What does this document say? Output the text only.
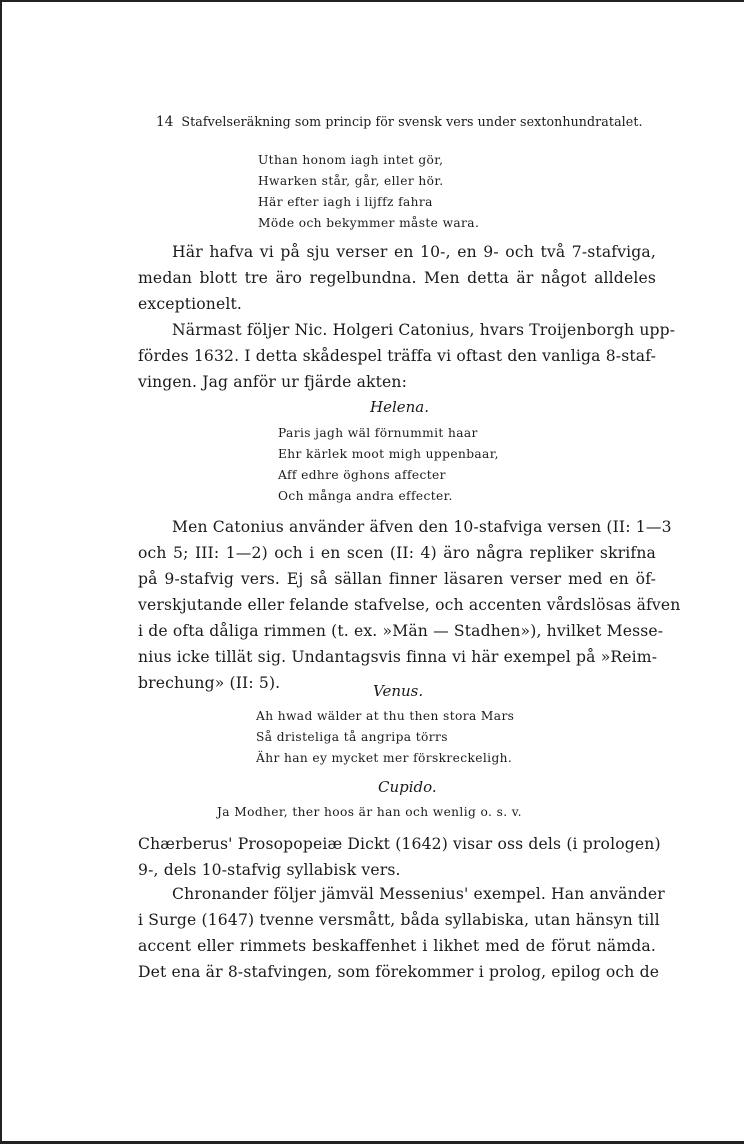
14 Stafvelseräkning som princip för svensk vers under sextonhundratalet.
Uthan honom iagh intet gör,
Hwarken står, går, eller hör.
Här efter iagh i lijffz fahra
Möde och bekymmer måste wara.
Här hafva vi på sju verser en 10-, en 9- och två 7-stafviga,
medan blott tre äro regelbundna. Men detta är något alldeles
exceptionelt.
Närmast följer Nic. Holgeri Catonius, hvars Troijenborgh upp-
fördes 1632. I detta skådespel träffa vi oftast den vanliga 8-staf-
vingen. Jag anför ur fjärde akten:
Helena.
Paris jagh wäl förnummit haar
Ehr kärlek moot migh uppenbaar,
Aff edhre öghons affecter
Och många andra effecter.
Men Catonius använder äfven den 10-stafviga versen (II: 1—3
och 5; III: 1—2) och i en scen (II: 4) äro några repliker skrifna
på 9-stafvig vers. Ej så sällan finner läsaren verser med en öf-
verskjutande eller felande stafvelse, och accenten vårdslösas äfven
i de ofta dåliga rimmen (t. ex. »Män — Stadhen»), hvilket Messe-
nius icke tillät sig. Undantagsvis finna vi här exempel på »Reim-
brechung» (II: 5).	Venus.
Ah hwad wälder at thu then stora Mars
Så dristeliga tå angripa törrs
Ähr han ey mycket mer förskreckeligh.
Cupido.
Ja Modher, ther hoos är han och wenlig o. s. v.
Chærberus' Prosopopeiæ Dickt (1642) visar oss dels (i prologen)
9-, dels 10-stafvig syllabisk vers.
Chronander följer jämväl Messenius' exempel. Han använder
i Surge (1647) tvenne versmått, båda syllabiska, utan hänsyn till
accent eller rimmets beskaffenhet i likhet med de förut nämda.
Det ena är 8-stafvingen, som förekommer i prolog, epilog och de
